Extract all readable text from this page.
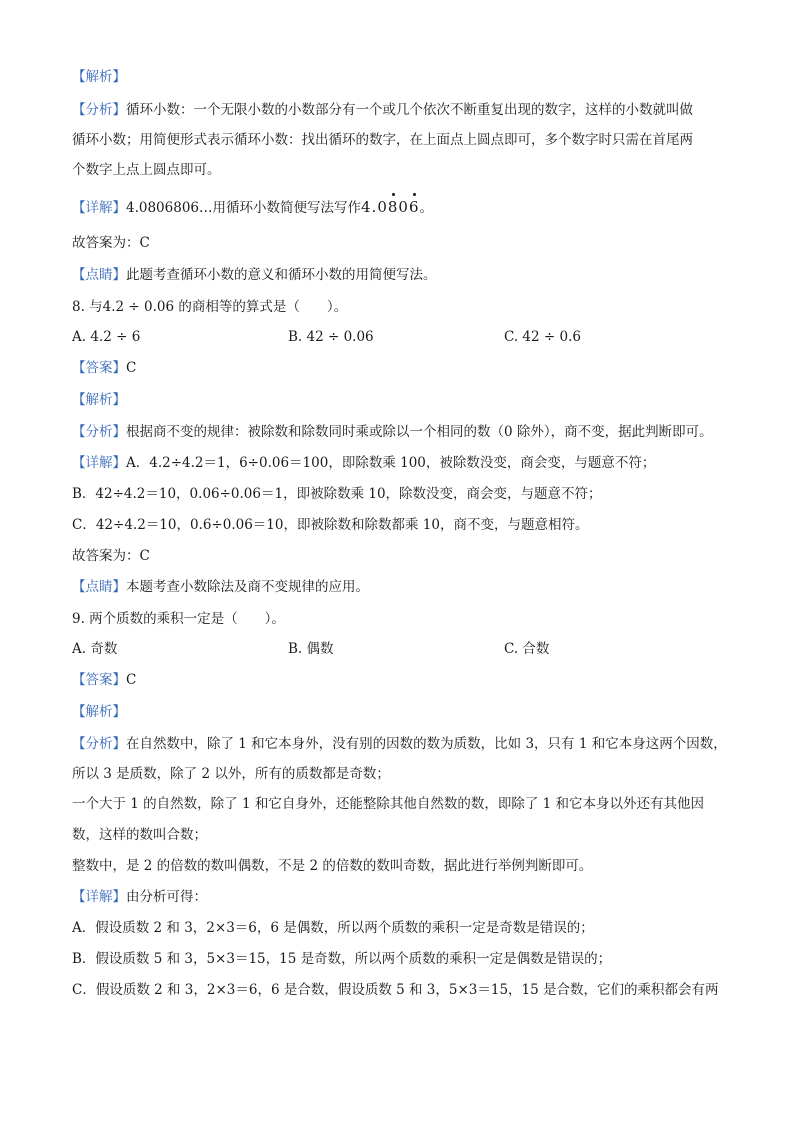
【解析】

【分析】循环小数：一个无限小数的小数部分有一个或几个依次不断重复出现的数字，这样的小数就叫做

循环小数；用简便形式表示循环小数：找出循环的数字，在上面点上圆点即可，多个数字时只需在首尾两

个数字上点上圆点即可。

【详解】4.0806806…用循环小数简便写法写作4.0806。

故答案为：C

【点睛】此题考查循环小数的意义和循环小数的用简便写法。

8. 与4.2 ÷ 0.06 的商相等的算式是（　　）。

A. 4.2 ÷ 6	B. 42 ÷ 0.06	C. 42 ÷ 0.6

【答案】C

【解析】

【分析】根据商不变的规律：被除数和除数同时乘或除以一个相同的数（0 除外），商不变，据此判断即可。

【详解】A．4.2÷4.2＝1，6÷0.06＝100，即除数乘 100，被除数没变，商会变，与题意不符；

B．42÷4.2＝10，0.06÷0.06＝1，即被除数乘 10，除数没变，商会变，与题意不符；

C．42÷4.2＝10，0.6÷0.06＝10，即被除数和除数都乘 10，商不变，与题意相符。

故答案为：C

【点睛】本题考查小数除法及商不变规律的应用。

9. 两个质数的乘积一定是（　　）。

A. 奇数	B. 偶数	C. 合数

【答案】C

【解析】

【分析】在自然数中，除了 1 和它本身外，没有别的因数的数为质数，比如 3，只有 1 和它本身这两个因数，

所以 3 是质数，除了 2 以外，所有的质数都是奇数；

一个大于 1 的自然数，除了 1 和它自身外，还能整除其他自然数的数，即除了 1 和它本身以外还有其他因

数，这样的数叫合数；

整数中，是 2 的倍数的数叫偶数，不是 2 的倍数的数叫奇数，据此进行举例判断即可。

【详解】由分析可得：

A．假设质数 2 和 3，2×3＝6，6 是偶数，所以两个质数的乘积一定是奇数是错误的；

B．假设质数 5 和 3，5×3＝15，15 是奇数，所以两个质数的乘积一定是偶数是错误的；

C．假设质数 2 和 3，2×3＝6，6 是合数，假设质数 5 和 3，5×3＝15，15 是合数，它们的乘积都会有两
